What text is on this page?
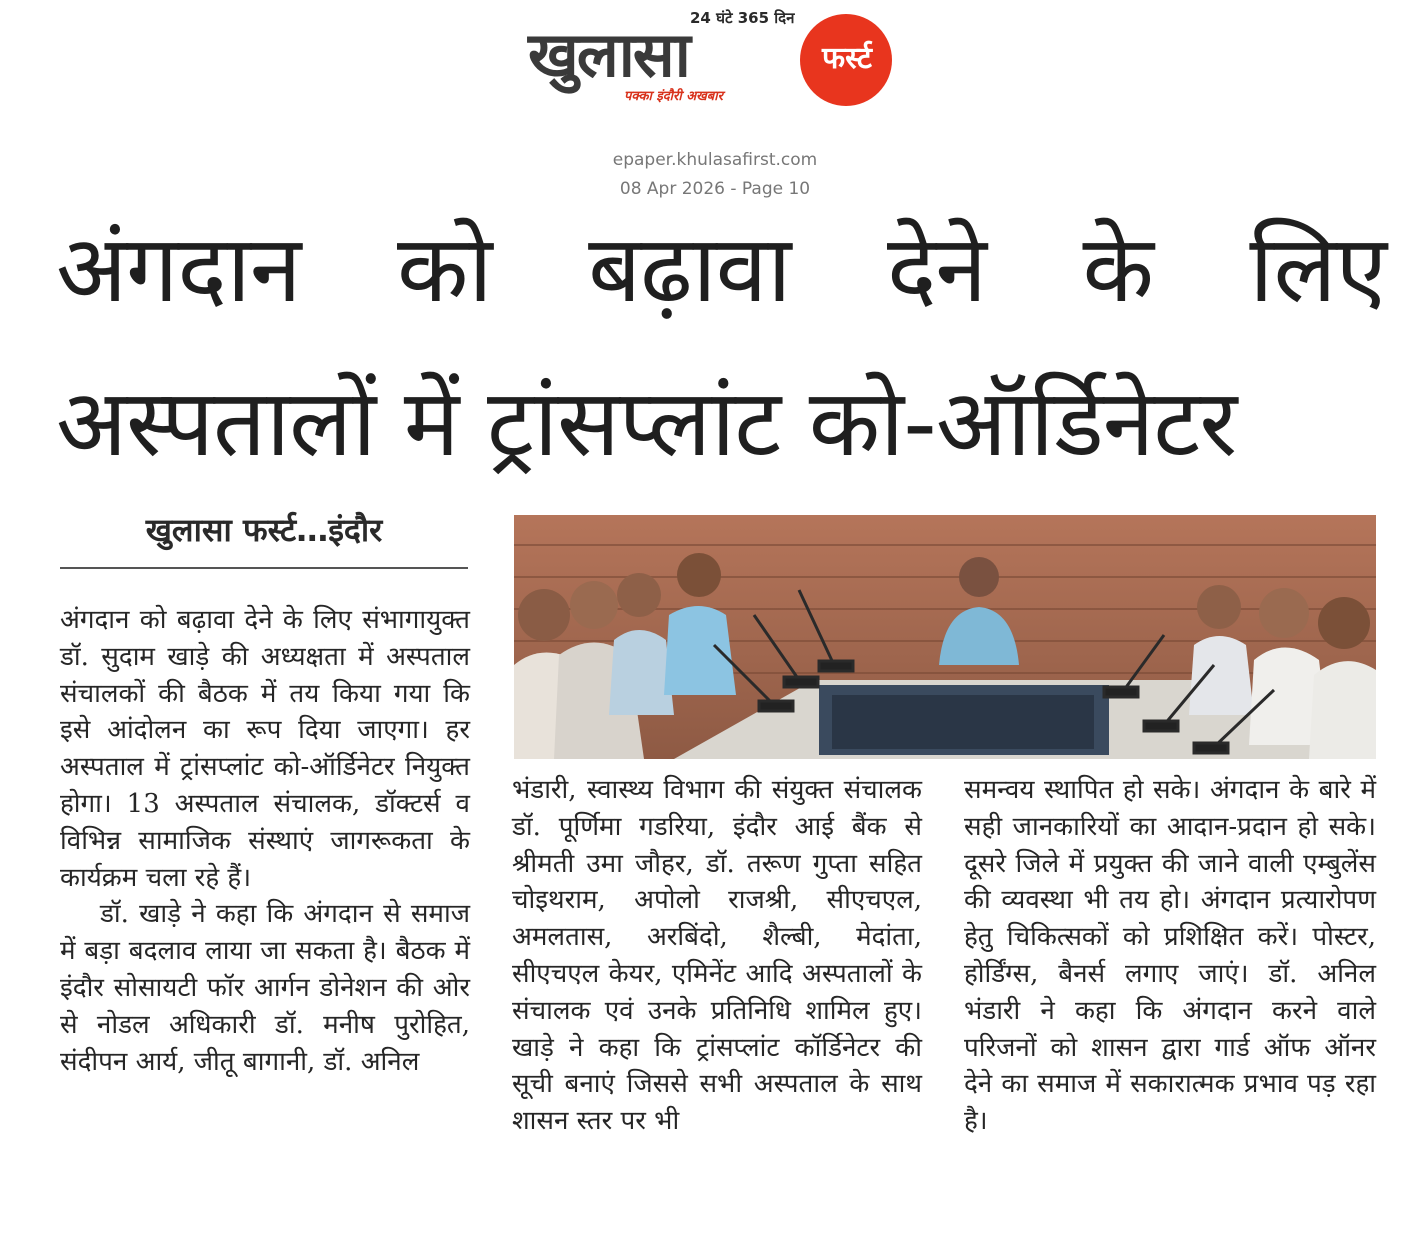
24 घंटे 365 दिन
खुलासा	फर्स्ट
पक्का इंदौरी अखबार
epaper.khulasafirst.com
08 Apr 2026 - Page 10
अंगदान को बढ़ावा देने के लिए
अस्पतालों में ट्रांसप्लांट को-ऑर्डिनेटर
खुलासा फर्स्ट…इंदौर

अंगदान को बढ़ावा देने के लिए संभागायुक्त डॉ. सुदाम खाड़े की अध्यक्षता में अस्पताल संचालकों की बैठक में तय किया गया कि इसे आंदोलन का रूप दिया जाएगा। हर अस्पताल में ट्रांसप्लांट को-ऑर्डिनेटर नियुक्त होगा। 13 अस्पताल संचालक, डॉक्टर्स व विभिन्न सामाजिक संस्थाएं जागरूकता के कार्यक्रम चला रहे हैं।

डॉ. खाड़े ने कहा कि अंगदान से समाज में बड़ा बदलाव लाया जा सकता है। बैठक में इंदौर सोसायटी फॉर आर्गन डोनेशन की ओर से नोडल अधिकारी डॉ. मनीष पुरोहित, संदीपन आर्य, जीतू बागानी, डॉ. अनिल

भंडारी, स्वास्थ्य विभाग की संयुक्त संचालक डॉ. पूर्णिमा गडरिया, इंदौर आई बैंक से श्रीमती उमा जौहर, डॉ. तरूण गुप्ता सहित चोइथराम, अपोलो राजश्री, सीएचएल, अमलतास, अरबिंदो, शैल्बी, मेदांता, सीएचएल केयर, एमिनेंट आदि अस्पतालों के संचालक एवं उनके प्रतिनिधि शामिल हुए। खाड़े ने कहा कि ट्रांसप्लांट कॉर्डिनेटर की सूची बनाएं जिससे सभी अस्पताल के साथ शासन स्तर पर भी

समन्वय स्थापित हो सके। अंगदान के बारे में सही जानकारियों का आदान-प्रदान हो सके। दूसरे जिले में प्रयुक्त की जाने वाली एम्बुलेंस की व्यवस्था भी तय हो। अंगदान प्रत्यारोपण हेतु चिकित्सकों को प्रशिक्षित करें। पोस्टर, होर्डिंग्स, बैनर्स लगाए जाएं। डॉ. अनिल भंडारी ने कहा कि अंगदान करने वाले परिजनों को शासन द्वारा गार्ड ऑफ ऑनर देने का समाज में सकारात्मक प्रभाव पड़ रहा है।
